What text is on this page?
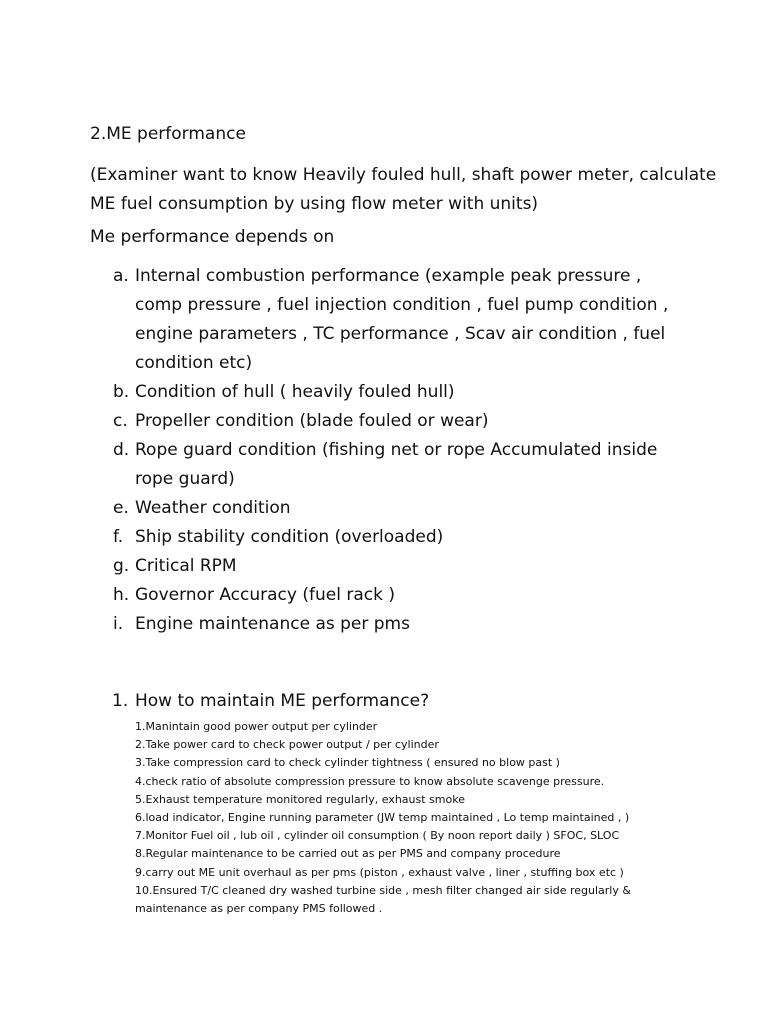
2.ME performance
(Examiner want to know Heavily fouled hull, shaft power meter, calculate ME fuel consumption by using flow meter with units)
Me performance depends on
a. Internal combustion performance (example peak pressure , comp pressure , fuel injection condition , fuel pump condition , engine parameters , TC performance , Scav air condition , fuel condition etc)
b. Condition of hull ( heavily fouled hull)
c. Propeller condition (blade fouled or wear)
d. Rope guard condition (fishing net or rope Accumulated inside rope guard)
e. Weather condition
f. Ship stability condition (overloaded)
g. Critical RPM
h. Governor Accuracy (fuel rack )
i. Engine maintenance as per pms
1. How to maintain ME performance?
1.Manintain good power output per cylinder
2.Take power card to check power output / per cylinder
3.Take compression card to check cylinder tightness ( ensured no blow past )
4.check ratio of absolute compression pressure to know absolute scavenge pressure.
5.Exhaust temperature monitored regularly, exhaust smoke
6.load indicator, Engine running parameter (JW temp maintained , Lo temp maintained , )
7.Monitor Fuel oil , lub oil , cylinder oil consumption ( By noon report daily ) SFOC, SLOC
8.Regular maintenance to be carried out as per PMS and company procedure
9.carry out ME unit overhaul as per pms (piston , exhaust valve , liner , stuffing box etc )
10.Ensured T/C cleaned dry washed turbine side , mesh filter changed air side regularly & maintenance as per company PMS followed .
